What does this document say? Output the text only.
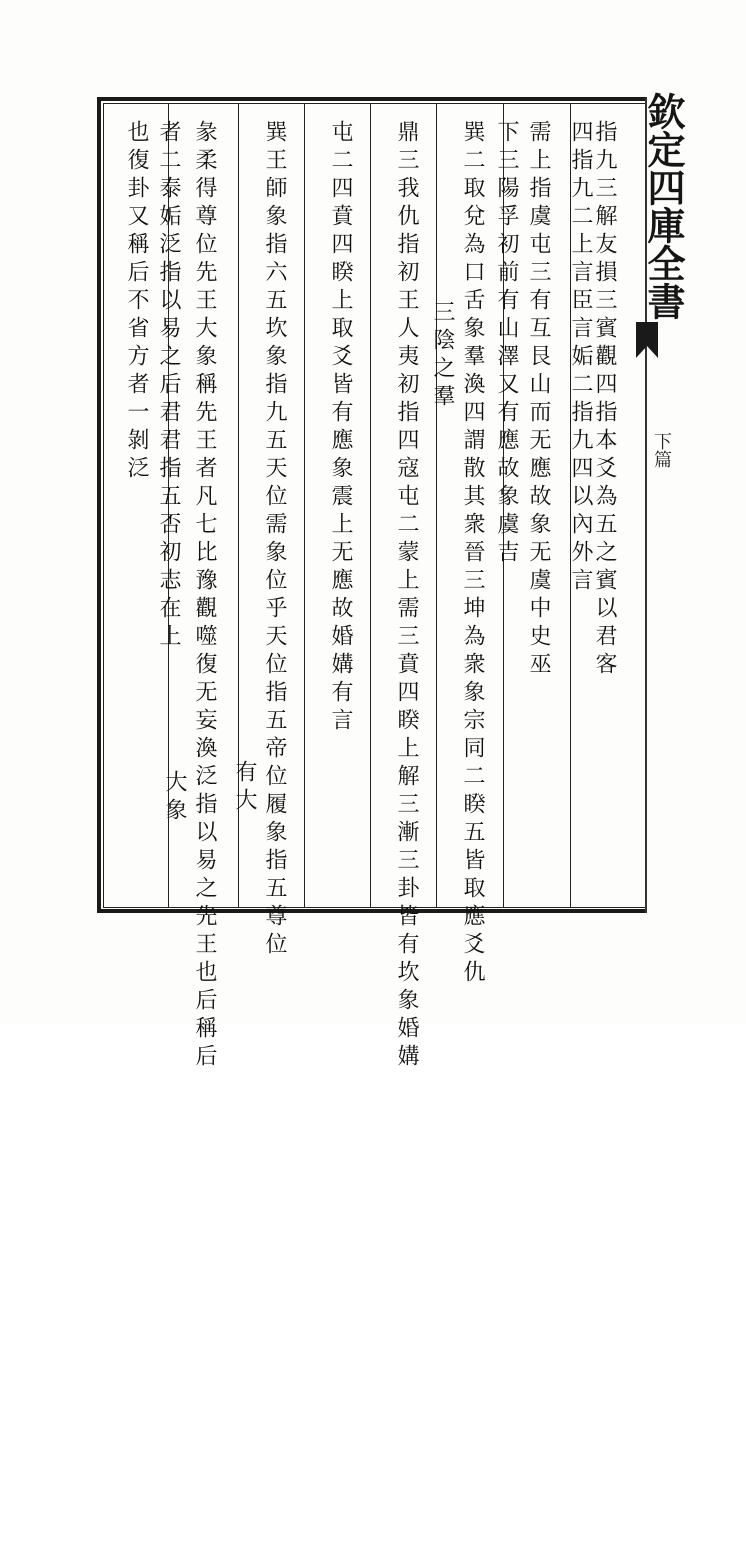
欽定四庫全書
下篇
指九三解友損三賓觀四指本爻為五之賓以君客
四指九二上言臣言姤二指九四以內外言
需上指虞屯三有互艮山而无應故象无虞中史巫
下三陽孚初前有山澤又有應故象虞吉
巽二取兌為口舌象羣渙四謂散其衆晉三坤為衆象宗同二睽五皆取應爻仇
三陰之羣
鼎三我仇指初王人夷初指四寇屯二蒙上需三賁四睽上解三漸三卦皆有坎象婚媾
屯二四賁四睽上取爻皆有應象震上无應故婚媾有言
巽王師象指六五坎象指九五天位需象位乎天位指五帝位履象指五尊位
有大
彖柔得尊位先王大象稱先王者凡七比豫觀噬復无妄渙泛指以易之先王也后稱后
大象
者二泰姤泛指以易之后君君指五否初志在上
也復卦又稱后不省方者一剝泛
